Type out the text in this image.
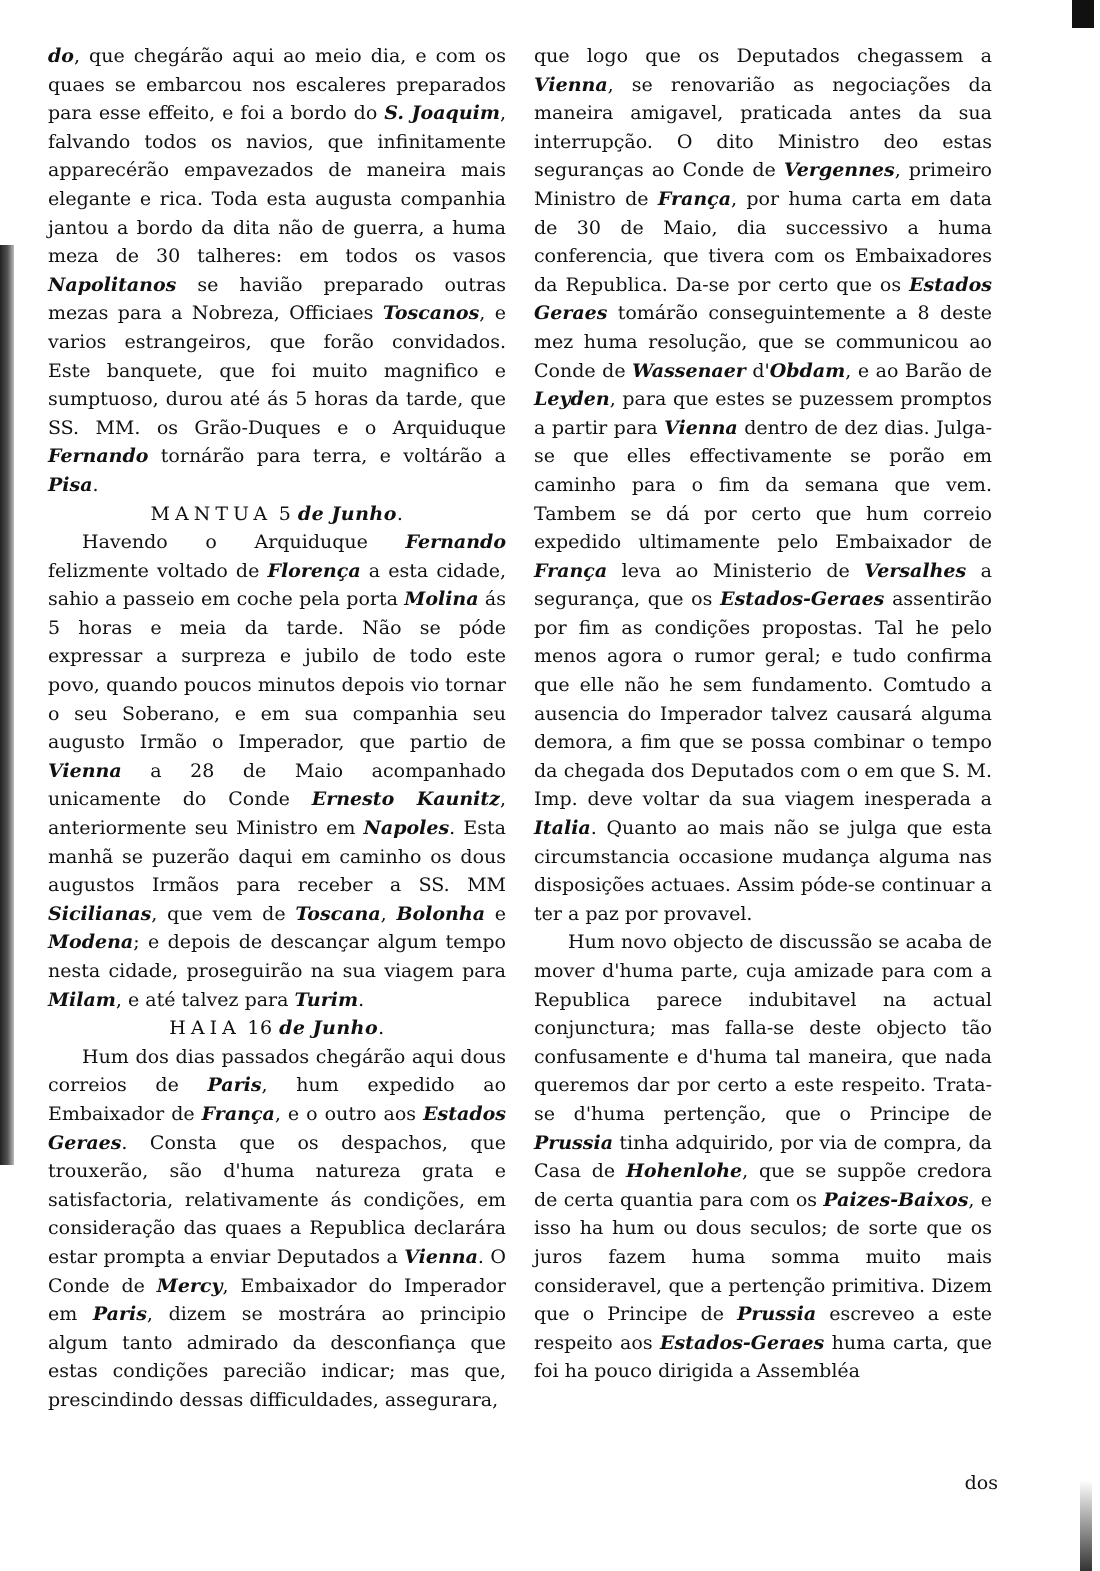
do, que chegárão aqui ao meio dia, e com os quaes se embarcou nos escaleres preparados para esse effeito, e foi a bordo do S. Joaquim, falvando todos os navios, que infinitamente apparecérão empavezados de maneira mais elegante e rica. Toda esta augusta companhia jantou a bordo da dita não de guerra, a huma meza de 30 talheres: em todos os vasos Napolitanos se havião preparado outras mezas para a Nobreza, Officiaes Toscanos, e varios estrangeiros, que forão convidados. Este banquete, que foi muito magnifico e sumptuoso, durou até ás 5 horas da tarde, que SS. MM. os Grão-Duques e o Arquiduque Fernando tornárão para terra, e voltárão a Pisa.

MANTUA 5 de Junho.

Havendo o Arquiduque Fernando felizmente voltado de Florença a esta cidade, sahio a passeio em coche pela porta Molina ás 5 horas e meia da tarde. Não se póde expressar a surpreza e jubilo de todo este povo, quando poucos minutos depois vio tornar o seu Soberano, e em sua companhia seu augusto Irmão o Imperador, que partio de Vienna a 28 de Maio acompanhado unicamente do Conde Ernesto Kaunitz, anteriormente seu Ministro em Napoles. Esta manhã se puzerão daqui em caminho os dous augustos Irmãos para receber a SS. MM Sicilianas, que vem de Toscana, Bolonha e Modena; e depois de descançar algum tempo nesta cidade, proseguirão na sua viagem para Milam, e até talvez para Turim.

HAIA 16 de Junho.

Hum dos dias passados chegárão aqui dous correios de Paris, hum expedido ao Embaixador de França, e o outro aos Estados Geraes. Consta que os despachos, que trouxerão, são d'huma natureza grata e satisfactoria, relativamente ás condições, em consideração das quaes a Republica declarára estar prompta a enviar Deputados a Vienna. O Conde de Mercy, Embaixador do Imperador em Paris, dizem se mostrára ao principio algum tanto admirado da desconfiança que estas condições parecião indicar; mas que, prescindindo dessas difficuldades, assegurara,

que logo que os Deputados chegassem a Vienna, se renovarião as negociações da maneira amigavel, praticada antes da sua interrupção. O dito Ministro deo estas seguranças ao Conde de Vergennes, primeiro Ministro de França, por huma carta em data de 30 de Maio, dia successivo a huma conferencia, que tivera com os Embaixadores da Republica. Da-se por certo que os Estados Geraes tomárão conseguintemente a 8 deste mez huma resolução, que se communicou ao Conde de Wassenaer d'Obdam, e ao Barão de Leyden, para que estes se puzessem promptos a partir para Vienna dentro de dez dias. Julga-se que elles effectivamente se porão em caminho para o fim da semana que vem. Tambem se dá por certo que hum correio expedido ultimamente pelo Embaixador de França leva ao Ministerio de Versalhes a segurança, que os Estados-Geraes assentirão por fim as condições propostas. Tal he pelo menos agora o rumor geral; e tudo confirma que elle não he sem fundamento. Comtudo a ausencia do Imperador talvez causará alguma demora, a fim que se possa combinar o tempo da chegada dos Deputados com o em que S. M. Imp. deve voltar da sua viagem inesperada a Italia. Quanto ao mais não se julga que esta circumstancia occasione mudança alguma nas disposições actuaes. Assim póde-se continuar a ter a paz por provavel.

Hum novo objecto de discussão se acaba de mover d'huma parte, cuja amizade para com a Republica parece indubitavel na actual conjunctura; mas falla-se deste objecto tão confusamente e d'huma tal maneira, que nada queremos dar por certo a este respeito. Trata-se d'huma pertenção, que o Principe de Prussia tinha adquirido, por via de compra, da Casa de Hohenlohe, que se suppõe credora de certa quantia para com os Paizes-Baixos, e isso ha hum ou dous seculos; de sorte que os juros fazem huma somma muito mais consideravel, que a pertenção primitiva. Dizem que o Principe de Prussia escreveo a este respeito aos Estados-Geraes huma carta, que foi ha pouco dirigida a Assembléa

dos
